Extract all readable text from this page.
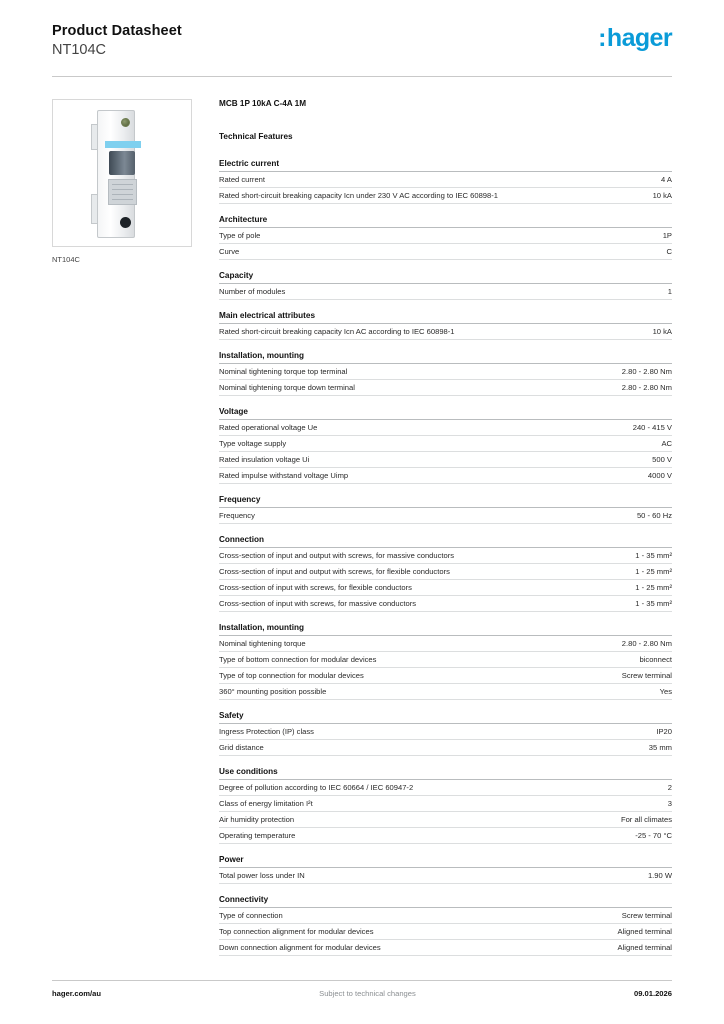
Product Datasheet
NT104C	:hager
NT104C
MCB 1P 10kA C-4A 1M
Technical Features
Electric current
Rated current	4 A
Rated short-circuit breaking capacity Icn under 230 V AC according to IEC 60898-1	10 kA
Architecture
Type of pole	1P
Curve	C
Capacity
Number of modules	1
Main electrical attributes
Rated short-circuit breaking capacity Icn AC according to IEC 60898-1	10 kA
Installation, mounting
Nominal tightening torque top terminal	2.80 - 2.80 Nm
Nominal tightening torque down terminal	2.80 - 2.80 Nm
Voltage
Rated operational voltage Ue	240 - 415 V
Type voltage supply	AC
Rated insulation voltage Ui	500 V
Rated impulse withstand voltage Uimp	4000 V
Frequency
Frequency	50 - 60 Hz
Connection
Cross-section of input and output with screws, for massive conductors	1 - 35 mm²
Cross-section of input and output with screws, for flexible conductors	1 - 25 mm²
Cross-section of input with screws, for flexible conductors	1 - 25 mm²
Cross-section of input with screws, for massive conductors	1 - 35 mm²
Installation, mounting
Nominal tightening torque	2.80 - 2.80 Nm
Type of bottom connection for modular devices	biconnect
Type of top connection for modular devices	Screw terminal
360° mounting position possible	Yes
Safety
Ingress Protection (IP) class	IP20
Grid distance	35 mm
Use conditions
Degree of pollution according to IEC 60664 / IEC 60947-2	2
Class of energy limitation I²t	3
Air humidity protection	For all climates
Operating temperature	-25 - 70 °C
Power
Total power loss under IN	1.90 W
Connectivity
Type of connection	Screw terminal
Top connection alignment for modular devices	Aligned terminal
Down connection alignment for modular devices	Aligned terminal
hager.com/au	Subject to technical changes	09.01.2026
